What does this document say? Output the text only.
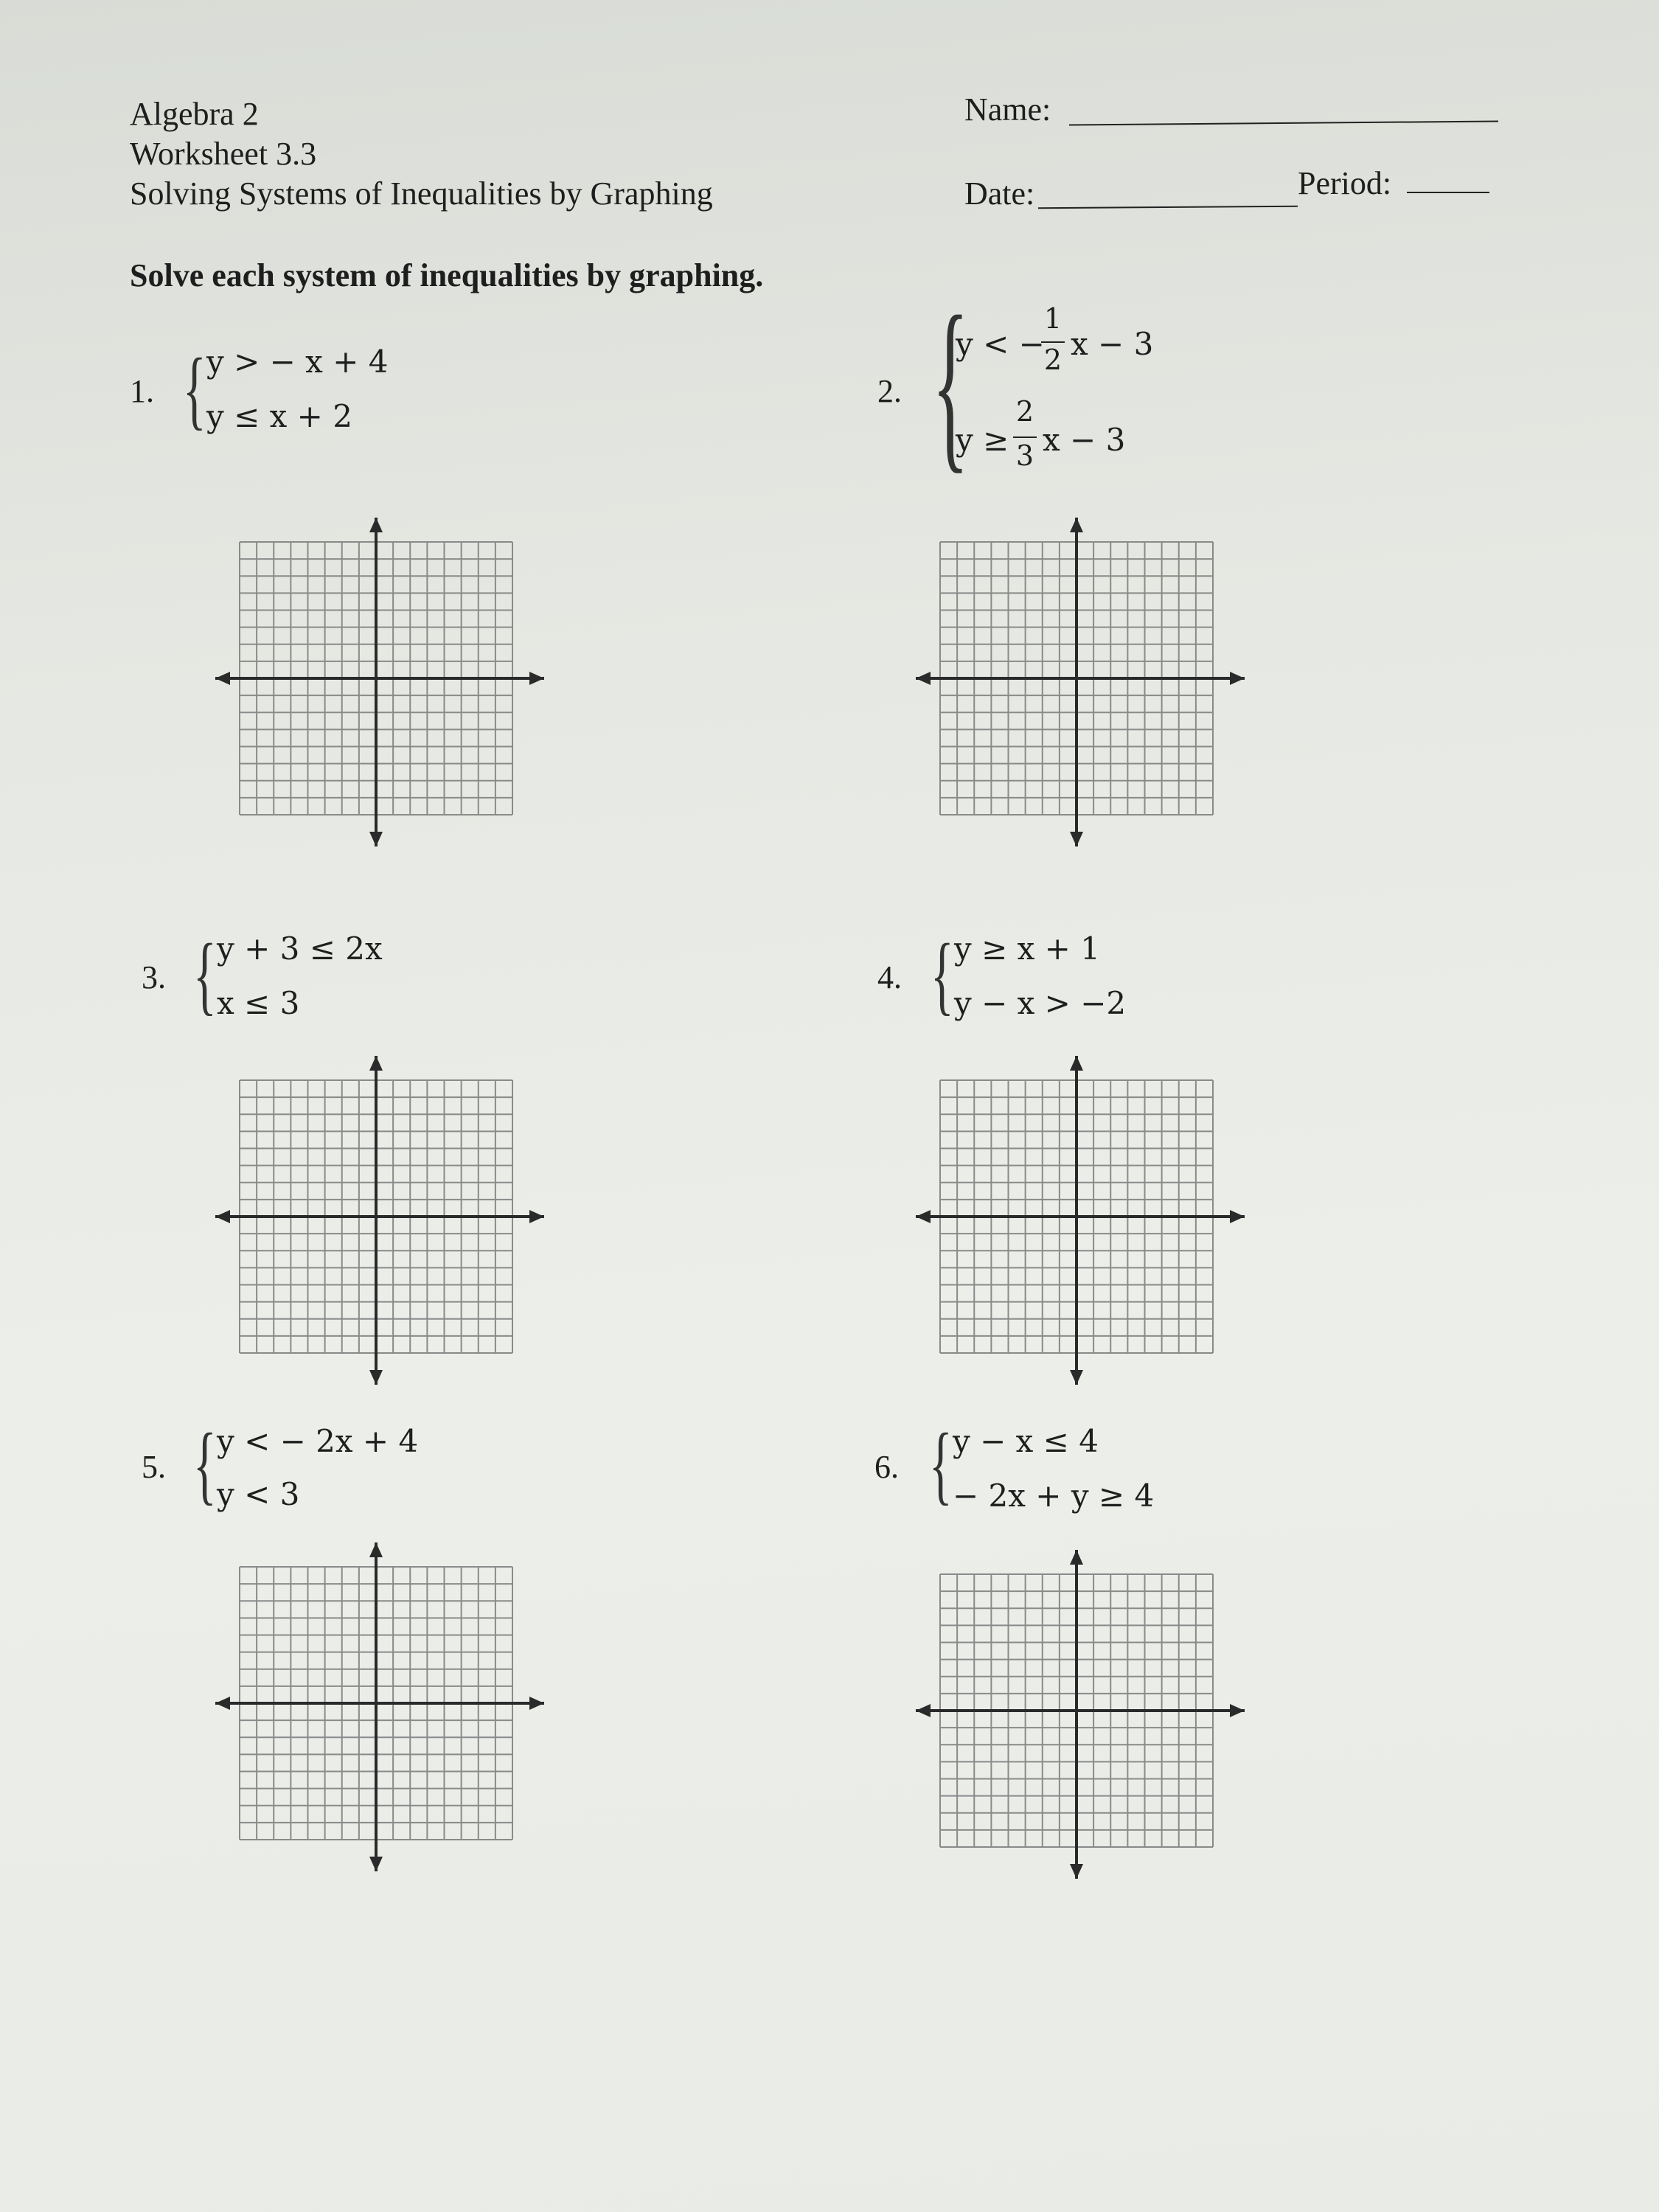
Algebra 2
Worksheet 3.3
Solving Systems of Inequalities by Graphing
Name:
Date:	Period:
Solve each system of inequalities by graphing.
1. { y > − x + 4
y ≤ x + 2
2. {
y < −
1
2 x − 3
y ≥
2
3 x − 3
3. { y + 3 ≤ 2x
x ≤ 3
4. { y ≥ x + 1
y − x > −2
5. { y < − 2x + 4
y < 3
6. { y − x ≤ 4
− 2x + y ≥ 4
